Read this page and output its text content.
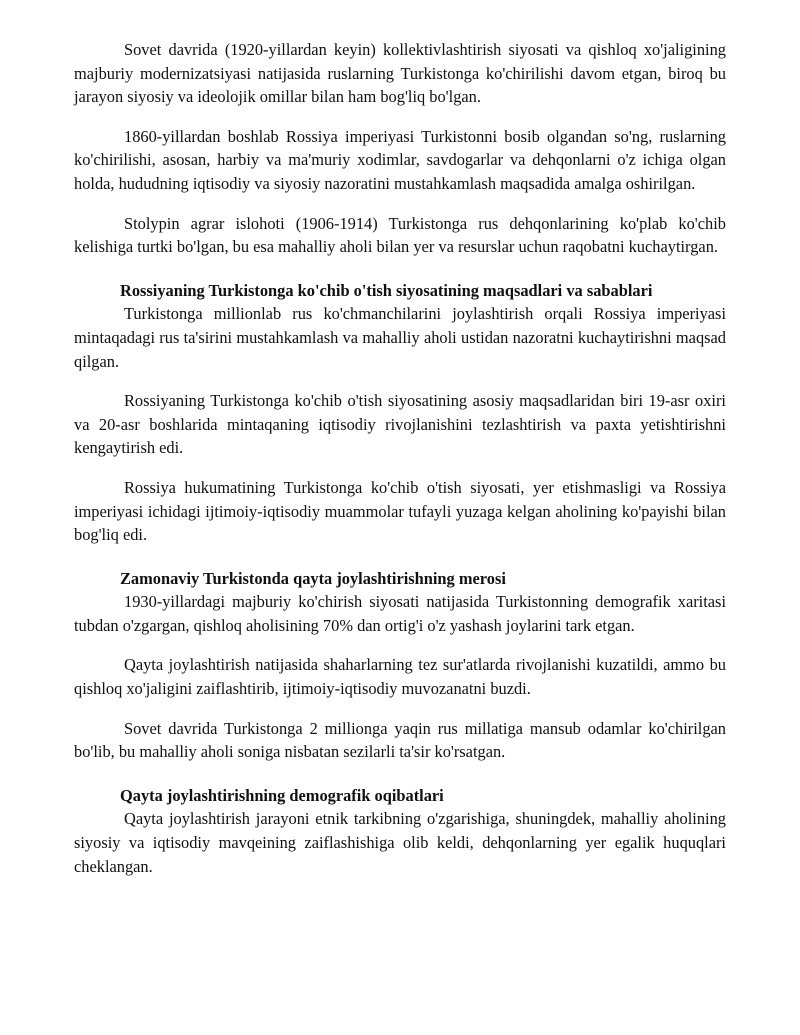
Sovet davrida (1920-yillardan keyin) kollektivlashtirish siyosati va qishloq xo'jaligining majburiy modernizatsiyasi natijasida ruslarning Turkistonga ko'chirilishi davom etgan, biroq bu jarayon siyosiy va ideolojik omillar bilan ham bog'liq bo'lgan.

1860-yillardan boshlab Rossiya imperiyasi Turkistonni bosib olgandan so'ng, ruslarning ko'chirilishi, asosan, harbiy va ma'muriy xodimlar, savdogarlar va dehqonlarni o'z ichiga olgan holda, hududning iqtisodiy va siyosiy nazoratini mustahkamlash maqsadida amalga oshirilgan.

Stolypin agrar islohoti (1906-1914) Turkistonga rus dehqonlarining ko'plab ko'chib kelishiga turtki bo'lgan, bu esa mahalliy aholi bilan yer va resurslar uchun raqobatni kuchaytirgan.

Rossiyaning Turkistonga ko'chib o'tish siyosatining maqsadlari va sabablari

Turkistonga millionlab rus ko'chmanchilarini joylashtirish orqali Rossiya imperiyasi mintaqadagi rus ta'sirini mustahkamlash va mahalliy aholi ustidan nazoratni kuchaytirishni maqsad qilgan.

Rossiyaning Turkistonga ko'chib o'tish siyosatining asosiy maqsadlaridan biri 19-asr oxiri va 20-asr boshlarida mintaqaning iqtisodiy rivojlanishini tezlashtirish va paxta yetishtirishni kengaytirish edi.

Rossiya hukumatining Turkistonga ko'chib o'tish siyosati, yer etishmasligi va Rossiya imperiyasi ichidagi ijtimoiy-iqtisodiy muammolar tufayli yuzaga kelgan aholining ko'payishi bilan bog'liq edi.

Zamonaviy Turkistonda qayta joylashtirishning merosi

1930-yillardagi majburiy ko'chirish siyosati natijasida Turkistonning demografik xaritasi tubdan o'zgargan, qishloq aholisining 70% dan ortig'i o'z yashash joylarini tark etgan.

Qayta joylashtirish natijasida shaharlarning tez sur'atlarda rivojlanishi kuzatildi, ammo bu qishloq xo'jaligini zaiflashtirib, ijtimoiy-iqtisodiy muvozanatni buzdi.

Sovet davrida Turkistonga 2 millionga yaqin rus millatiga mansub odamlar ko'chirilgan bo'lib, bu mahalliy aholi soniga nisbatan sezilarli ta'sir ko'rsatgan.

Qayta joylashtirishning demografik oqibatlari

Qayta joylashtirish jarayoni etnik tarkibning o'zgarishiga, shuningdek, mahalliy aholining siyosiy va iqtisodiy mavqeining zaiflashishiga olib keldi, dehqonlarning yer egalik huquqlari cheklangan.
